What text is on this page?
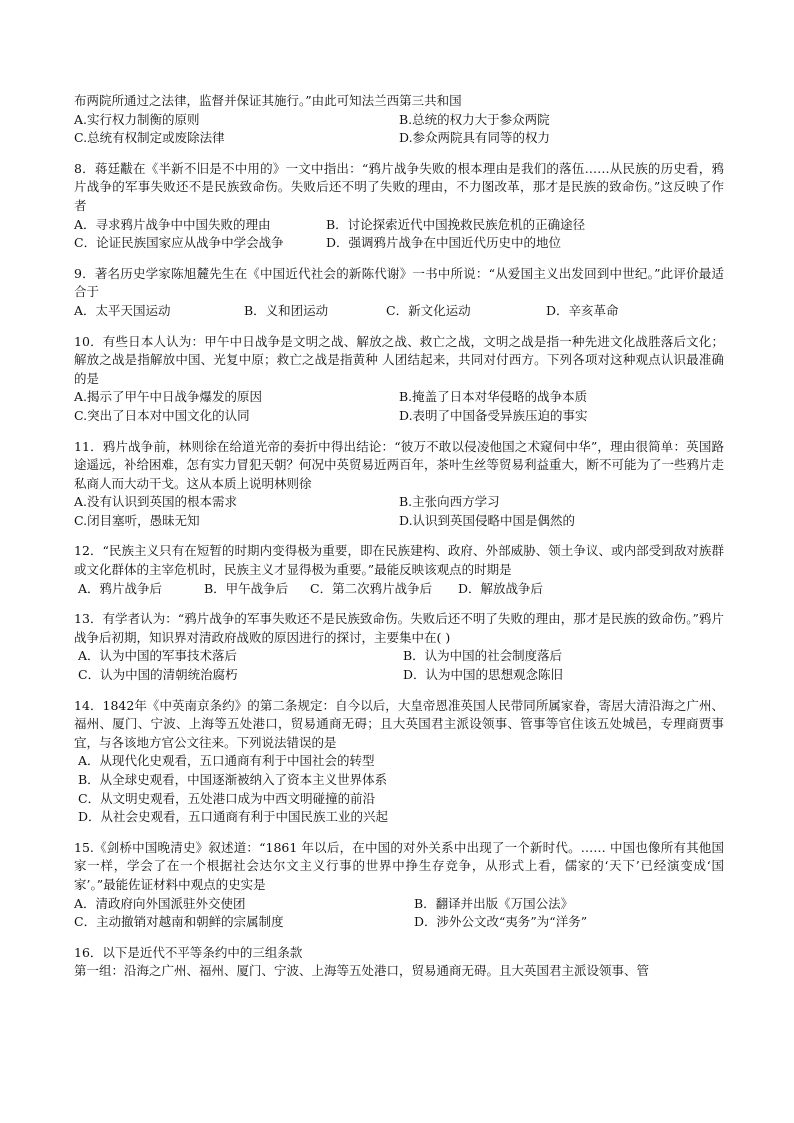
布两院所通过之法律，监督并保证其施行。”由此可知法兰西第三共和国

A.实行权力制衡的原则	B.总统的权力大于参众两院
C.总统有权制定或废除法律	D.参众两院具有同等的权力

8．蒋廷黻在《半新不旧是不中用的》一文中指出：“鸦片战争失败的根本理由是我们的落伍……从民族的历史看，鸦片战争的军事失败还不是民族致命伤。失败后还不明了失败的理由，不力图改革，那才是民族的致命伤。”这反映了作者

A．寻求鸦片战争中中国失败的理由	B．讨论探索近代中国挽救民族危机的正确途径
C．论证民族国家应从战争中学会战争	D．强调鸦片战争在中国近代历史中的地位

9．著名历史学家陈旭麓先生在《中国近代社会的新陈代谢》一书中所说：“从爱国主义出发回到中世纪。”此评价最适合于

A．太平天国运动	B．义和团运动	C．新文化运动	D．辛亥革命

10．有些日本人认为：甲午中日战争是文明之战、解放之战、救亡之战，文明之战是指一种先进文化战胜落后文化；解放之战是指解放中国、光复中原；救亡之战是指黄种 人团结起来，共同对付西方。下列各项对这种观点认识最准确的是

A.揭示了甲午中日战争爆发的原因	B.掩盖了日本对华侵略的战争本质
C.突出了日本对中国文化的认同	D.表明了中国备受异族压迫的事实

11．鸦片战争前，林则徐在给道光帝的奏折中得出结论：“彼万不敢以侵凌他国之术窥伺中华”，理由很简单：英国路途遥远，补给困难，怎有实力冒犯天朝？何况中英贸易近两百年，茶叶生丝等贸易利益重大，断不可能为了一些鸦片走私商人而大动干戈。这从本质上说明林则徐

A.没有认识到英国的根本需求	B.主张向西方学习
C.闭目塞听，愚昧无知	D.认识到英国侵略中国是偶然的

12．“民族主义只有在短暂的时期内变得极为重要，即在民族建构、政府、外部威胁、领土争议、或内部受到敌对族群或文化群体的主宰危机时，民族主义才显得极为重要。”最能反映该观点的时期是

A．鸦片战争后	B．甲午战争后	C．第二次鸦片战争后	D．解放战争后

13．有学者认为：“鸦片战争的军事失败还不是民族致命伤。失败后还不明了失败的理由，那才是民族的致命伤。”鸦片战争后初期，知识界对清政府战败的原因进行的探讨，主要集中在( )

A．认为中国的军事技术落后	B．认为中国的社会制度落后
C．认为中国的清朝统治腐朽	D．认为中国的思想观念陈旧

14．1842年《中英南京条约》的第二条规定：自今以后，大皇帝恩准英国人民带同所属家眷，寄居大清沿海之广州、福州、厦门、宁波、上海等五处港口，贸易通商无碍；且大英国君主派设领事、管事等官住该五处城邑，专理商贾事宜，与各该地方官公文往来。下列说法错误的是

A．从现代化史观看，五口通商有利于中国社会的转型

B．从全球史观看，中国逐渐被纳入了资本主义世界体系

C．从文明史观看，五处港口成为中西文明碰撞的前沿

D．从社会史观看，五口通商有利于中国民族工业的兴起

15.《剑桥中国晚清史》叙述道：“1861 年以后，在中国的对外关系中出现了一个新时代。…… 中国也像所有其他国家一样，学会了在一个根据社会达尔文主义行事的世界中挣生存竞争，从形式上看，儒家的‘天下’已经演变成‘国家’。”最能佐证材料中观点的史实是

A．清政府向外国派驻外交使团	B．翻译并出版《万国公法》
C．主动撤销对越南和朝鲜的宗属制度	D．涉外公文改“夷务”为“洋务”

16．以下是近代不平等条约中的三组条款

第一组：沿海之广州、福州、厦门、宁波、上海等五处港口，贸易通商无碍。且大英国君主派设领事、管
